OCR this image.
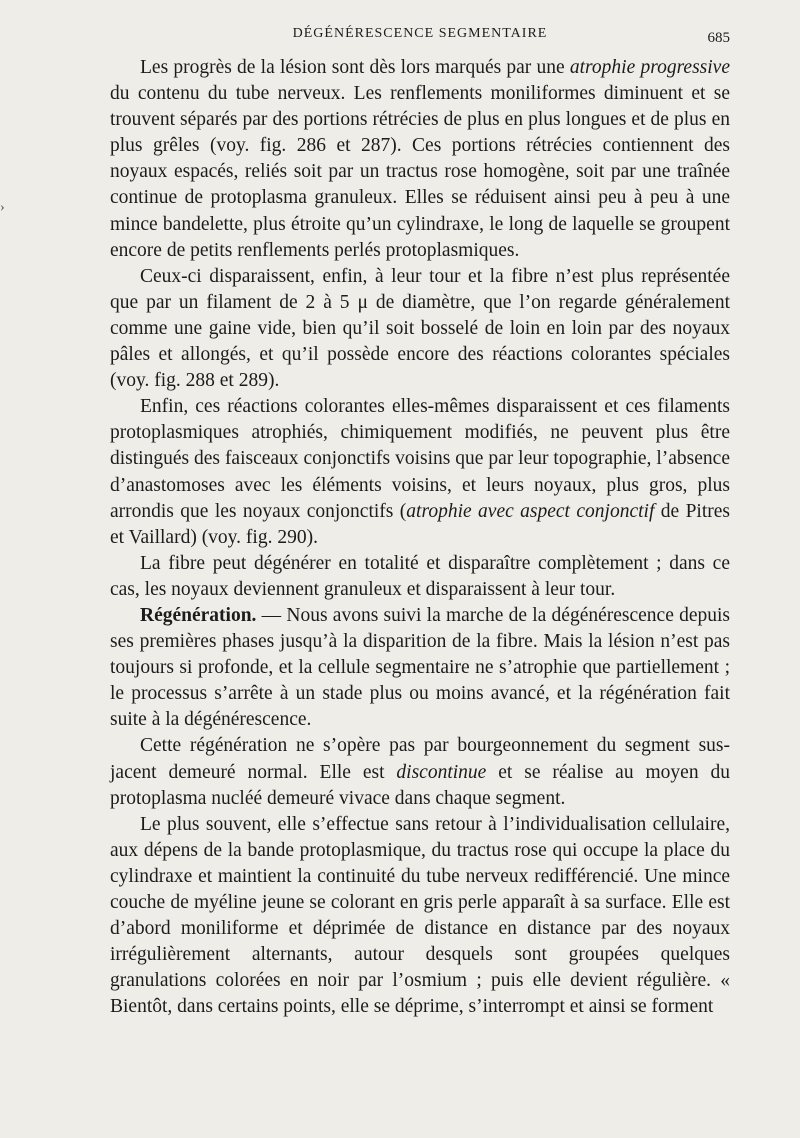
DÉGÉNÉRESCENCE SEGMENTAIRE	685
›

Les progrès de la lésion sont dès lors marqués par une atrophie progressive du contenu du tube nerveux. Les renflements moniliformes diminuent et se trouvent séparés par des portions rétrécies de plus en plus longues et de plus en plus grêles (voy. fig. 286 et 287). Ces portions rétrécies contiennent des noyaux espacés, reliés soit par un tractus rose homogène, soit par une traînée continue de protoplasma granuleux. Elles se réduisent ainsi peu à peu à une mince bandelette, plus étroite qu’un cylindraxe, le long de laquelle se groupent encore de petits renflements perlés protoplasmiques.

Ceux-ci disparaissent, enfin, à leur tour et la fibre n’est plus représentée que par un filament de 2 à 5 μ de diamètre, que l’on regarde généralement comme une gaine vide, bien qu’il soit bosselé de loin en loin par des noyaux pâles et allongés, et qu’il possède encore des réactions colorantes spéciales (voy. fig. 288 et 289).

Enfin, ces réactions colorantes elles-mêmes disparaissent et ces filaments protoplasmiques atrophiés, chimiquement modifiés, ne peuvent plus être distingués des faisceaux conjonctifs voisins que par leur topographie, l’absence d’anastomoses avec les éléments voisins, et leurs noyaux, plus gros, plus arrondis que les noyaux conjonctifs (atrophie avec aspect conjonctif de Pitres et Vaillard) (voy. fig. 290).

La fibre peut dégénérer en totalité et disparaître complètement ; dans ce cas, les noyaux deviennent granuleux et disparaissent à leur tour.

Régénération. — Nous avons suivi la marche de la dégénérescence depuis ses premières phases jusqu’à la disparition de la fibre. Mais la lésion n’est pas toujours si profonde, et la cellule segmentaire ne s’atrophie que partiellement ; le processus s’arrête à un stade plus ou moins avancé, et la régénération fait suite à la dégénérescence.

Cette régénération ne s’opère pas par bourgeonnement du segment sus-jacent demeuré normal. Elle est discontinue et se réalise au moyen du protoplasma nucléé demeuré vivace dans chaque segment.

Le plus souvent, elle s’effectue sans retour à l’individualisation cellulaire, aux dépens de la bande protoplasmique, du tractus rose qui occupe la place du cylindraxe et maintient la continuité du tube nerveux redifférencié. Une mince couche de myéline jeune se colorant en gris perle apparaît à sa surface. Elle est d’abord moniliforme et déprimée de distance en distance par des noyaux irrégulièrement alternants, autour desquels sont groupées quelques granulations colorées en noir par l’osmium ; puis elle devient régulière. « Bientôt, dans certains points, elle se déprime, s’interrompt et ainsi se forment
